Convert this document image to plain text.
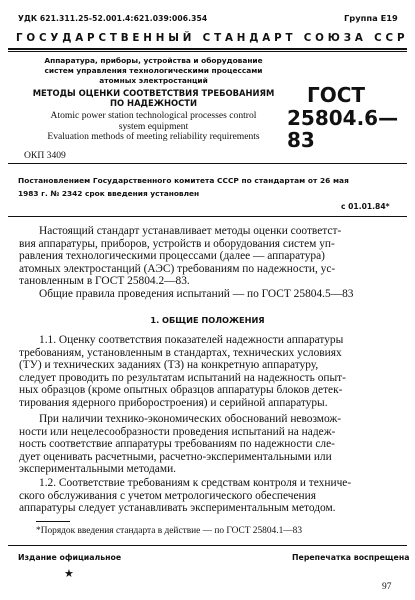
УДК 621.311.25-52.001.4:621.039:006.354	Группа Е19
ГОСУДАРСТВЕННЫЙ СТАНДАРТ СОЮЗА ССР
Аппаратура, приборы, устройства и оборудование
систем управления технологическими процессами
атомных электростанций
МЕТОДЫ ОЦЕНКИ СООТВЕТСТВИЯ ТРЕБОВАНИЯМ
ПО НАДЕЖНОСТИ
Atomic power station technological processes control
system equipment
Evaluation methods of meeting reliability requirements
ГОСТ
25804.6—83
ОКП 3409
Постановлением Государственного комитета СССР по стандартам от 26 мая
1983 г. № 2342 срок введения установлен
с 01.01.84*
Настоящий стандарт устанавливает методы оценки соответст-
вия аппаратуры, приборов, устройств и оборудования систем уп-
равления технологическими процессами (далее — аппаратура)
атомных электростанций (АЭС) требованиям по надежности, ус-
тановленным в ГОСТ 25804.2—83.
Общие правила проведения испытаний — по ГОСТ 25804.5—83
1. ОБЩИЕ ПОЛОЖЕНИЯ
1.1. Оценку соответствия показателей надежности аппаратуры
требованиям, установленным в стандартах, технических условиях
(ТУ) и технических заданиях (ТЗ) на конкретную аппаратуру,
следует проводить по результатам испытаний на надежность опыт-
ных образцов (кроме опытных образцов аппаратуры блоков детек-
тирования ядерного приборостроения) и серийной аппаратуры.
При наличии технико-экономических обоснований невозмож-
ности или нецелесообразности проведения испытаний на надеж-
ность соответствие аппаратуры требованиям по надежности сле-
дует оценивать расчетными, расчетно-экспериментальными или
экспериментальными методами.
1.2. Соответствие требованиям к средствам контроля и техниче-
ского обслуживания с учетом метрологического обеспечения
аппаратуры следует устанавливать экспериментальным методом.
*Порядок введения стандарта в действие — по ГОСТ 25804.1—83
Издание официальное	Перепечатка воспрещена
★
97
